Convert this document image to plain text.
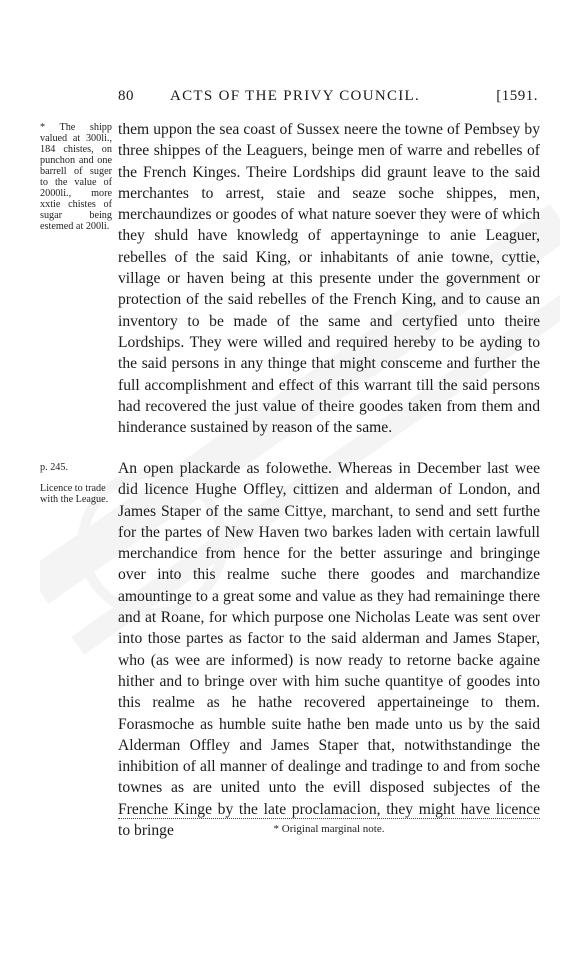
80 ACTS OF THE PRIVY COUNCIL.	[1591.
* The shipp valued at 300li., 184 chistes, on punchon and one barrell of suger to the value of 2000li., more xxtie chistes of sugar being estemed at 200li.
them uppon the sea coast of Sussex neere the towne of Pembsey by three shippes of the Leaguers, beinge men of warre and rebelles of the French Kinges. Theire Lordships did graunt leave to the said merchantes to arrest, staie and seaze soche shippes, men, merchaundizes or goodes of what nature soever they were of which they shuld have knowledg of appertayninge to anie Leaguer, rebelles of the said King, or inhabitants of anie towne, cyttie, village or haven being at this presente under the government or protection of the said rebelles of the French King, and to cause an inventory to be made of the same and certyfied unto theire Lordships. They were willed and required hereby to be ayding to the said persons in any thinge that might consceme and further the full accomplishment and effect of this warrant till the said persons had recovered the just value of theire goodes taken from them and hinderance sustained by reason of the same.
p. 245.
Licence to trade with the League.
An open plackarde as folowethe. Whereas in December last wee did licence Hughe Offley, cittizen and alderman of London, and James Staper of the same Cittye, marchant, to send and sett furthe for the partes of New Haven two barkes laden with certain lawfull merchandice from hence for the better assuringe and bringinge over into this realme suche there goodes and marchandize amountinge to a great some and value as they had remaininge there and at Roane, for which purpose one Nicholas Leate was sent over into those partes as factor to the said alderman and James Staper, who (as wee are informed) is now ready to retorne backe againe hither and to bringe over with him suche quantitye of goodes into this realme as he hathe recovered appertaineinge to them. Forasmoche as humble suite hathe ben made unto us by the said Alderman Offley and James Staper that, notwithstandinge the inhibition of all manner of dealinge and tradinge to and from soche townes as are united unto the evill disposed subjectes of the Frenche Kinge by the late proclamacion, they might have licence to bringe	* Original marginal note.
